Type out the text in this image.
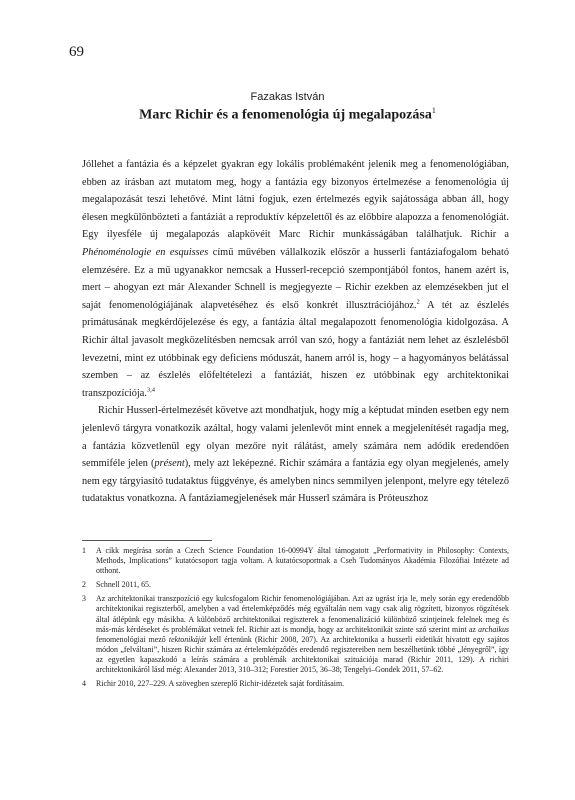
69
Fazakas István
Marc Richir és a fenomenológia új megalapozása$^1$

Jóllehet a fantázia és a képzelet gyakran egy lokális problémaként jelenik meg a fenomenológiában, ebben az írásban azt mutatom meg, hogy a fantázia egy bizonyos értelmezése a fenomenológia új megalapozását teszi lehetővé. Mint látni fogjuk, ezen értelmezés egyik sajátossága abban áll, hogy élesen megkülönbözteti a fantáziát a reproduktív képzelettől és az előbbire alapozza a fenomenológiát. Egy ilyesféle új megalapozás alapkövéit Marc Richir munkásságában találhatjuk. Richir a Phénoménologie en esquisses című művében vállalkozik először a husserli fantáziafogalom beható elemzésére. Ez a mű ugyanakkor nemcsak a Husserl-recepció szempontjából fontos, hanem azért is, mert – ahogyan ezt már Alexander Schnell is megjegyezte – Richir ezekben az elemzésekben jut el saját fenomenológiájának alapvetéséhez és első konkrét illusztrációjához.$^2$ A tét az észlelés primátusának megkérdőjelezése és egy, a fantázia által megalapozott fenomenológia kidolgozása. A Richir által javasolt megközelítésben nemcsak arról van szó, hogy a fantáziát nem lehet az észlelésből levezetni, mint ez utóbbinak egy deficiens móduszát, hanem arról is, hogy – a hagyományos belátással szemben – az észlelés előfeltételezi a fantáziát, hiszen ez utóbbinak egy architektonikai transzpozíciója.$^{3,4}$

Richir Husserl-értelmezését követve azt mondhatjuk, hogy míg a képtudat minden esetben egy nem jelenlevő tárgyra vonatkozik azáltal, hogy valami jelenlevőt mint ennek a megjelenítését ragadja meg, a fantázia közvetlenül egy olyan mezőre nyit rálátást, amely számára nem adódik eredendően semmiféle jelen (présent), mely azt leképezné. Richir számára a fantázia egy olyan megjelenés, amely nem egy tárgyiasító tudataktus függvénye, és amelyben nincs semmilyen jelenpont, melyre egy tételező tudataktus vonatkozna. A fantáziamegjelenések már Husserl számára is Próteuszhoz

1	A cikk megírása során a Czech Science Foundation 16-00994Y által támogatott „Performativity in Philosophy: Contexts, Methods, Implications” kutatócsoport tagja voltam. A kutatócsoportnak a Cseh Tudományos Akadémia Filozófiai Intézete ad otthont.
2	Schnell 2011, 65.
3	Az architektonikai transzpozíció egy kulcsfogalom Richir fenomenológiájában. Azt az ugrást írja le, mely során egy eredendőbb architektonikai regiszterből, amelyben a vad értelemképződés még egyáltalán nem vagy csak alig rögzített, bizonyos rögzítések által átlépünk egy másikba. A különböző architektonikai regiszterek a fenomenalizáció különböző szintjeinek felelnek meg és más-más kérdéseket és problémákat vetnek fel. Richir azt is mondja, hogy az architektonikát szinte szó szerint mint az archaikus fenomenológiai mező tektonikáját kell értenünk (Richir 2008, 207). Az architektonika a husserli eidetikát hivatott egy sajátos módon „felváltani”, hiszen Richir számára az értelemképződés eredendő regisztereiben nem beszélhetünk többé „lényegről”, így az egyetlen kapaszkodó a leírás számára a problémák architektonikai szituációja marad (Richir 2011, 129). A richiri architektonikáról lásd még: Alexander 2013, 310–312; Forestier 2015, 36–38; Tengelyi–Gondek 2011, 57–62.
4	Richir 2010, 227–229. A szövegben szereplő Richir-idézetek saját fordításaim.
